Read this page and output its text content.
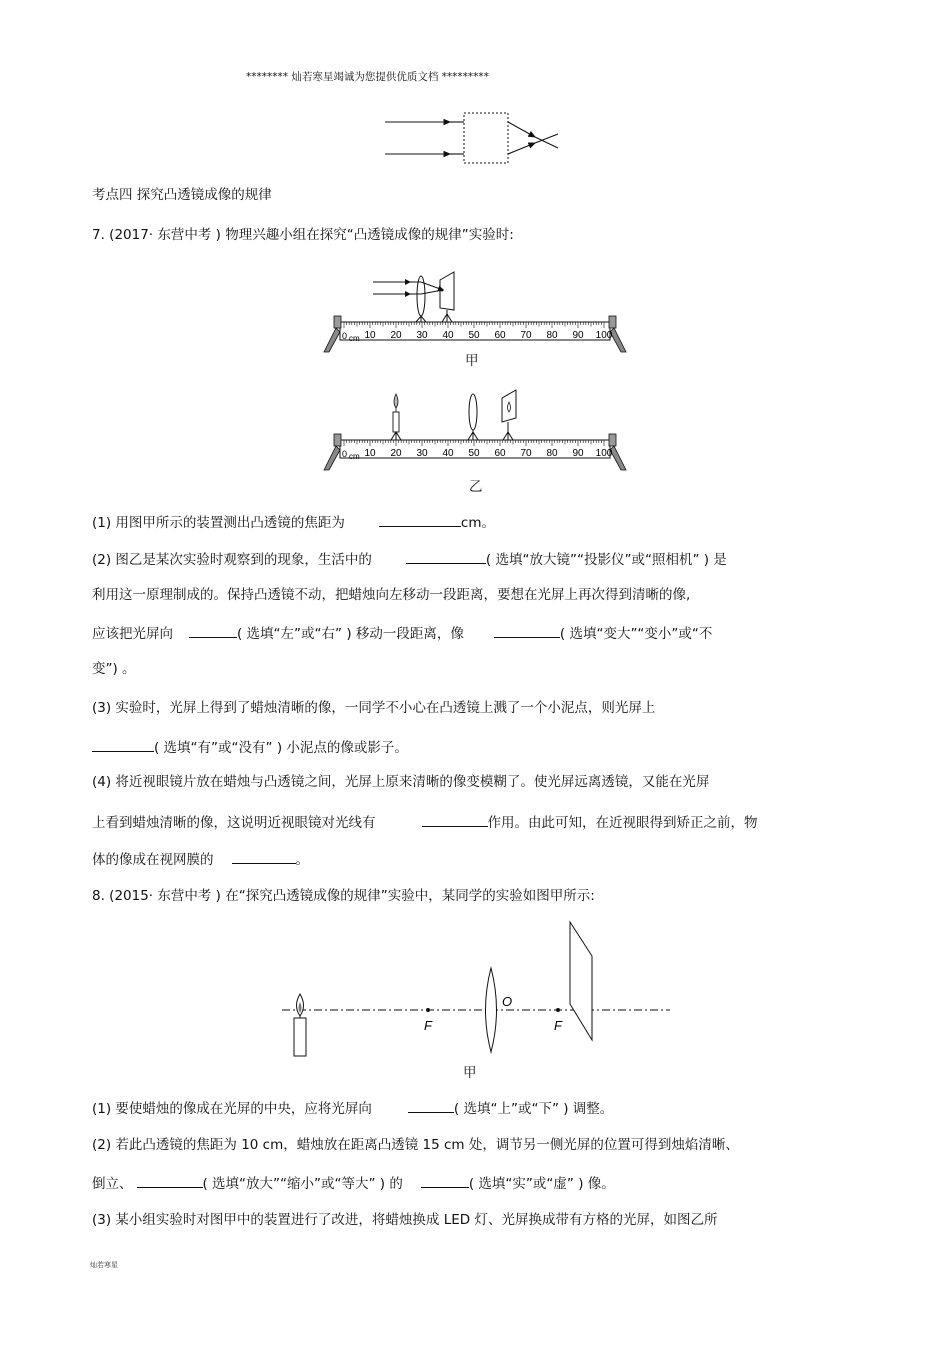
******** 灿若寒星竭诚为您提供优质文档 *********
考点四 探究凸透镜成像的规律
7. (2017· 东营中考 ) 物理兴趣小组在探究“凸透镜成像的规律”实验时:
10 20 30 40 50 60 70 80 90 100
0 cm
甲
10 20 30 40 50 60 70 80 90 100
0 cm
乙
(1) 用图甲所示的装置测出凸透镜的焦距为	cm。
(2) 图乙是某次实验时观察到的现象，生活中的	( 选填“放大镜”“投影仪”或“照相机” ) 是
利用这一原理制成的。保持凸透镜不动，把蜡烛向左移动一段距离，要想在光屏上再次得到清晰的像,
应该把光屏向	( 选填“左”或“右” ) 移动一段距离，像	( 选填“变大”“变小”或“不
变”) 。
(3) 实验时，光屏上得到了蜡烛清晰的像，一同学不小心在凸透镜上溅了一个小泥点，则光屏上
( 选填“有”或“没有” ) 小泥点的像或影子。
(4) 将近视眼镜片放在蜡烛与凸透镜之间，光屏上原来清晰的像变模糊了。使光屏远离透镜，又能在光屏
上看到蜡烛清晰的像，这说明近视眼镜对光线有	作用。由此可知，在近视眼得到矫正之前，物
体的像成在视网膜的	。
8. (2015· 东营中考 ) 在“探究凸透镜成像的规律”实验中，某同学的实验如图甲所示:
F	F
O
甲
(1) 要使蜡烛的像成在光屏的中央，应将光屏向	( 选填“上”或“下” ) 调整。
(2) 若此凸透镜的焦距为 10 cm，蜡烛放在距离凸透镜 15 cm 处，调节另一侧光屏的位置可得到烛焰清晰、
倒立、	( 选填“放大”“缩小”或“等大” ) 的	( 选填“实”或“虚” ) 像。
(3) 某小组实验时对图甲中的装置进行了改进，将蜡烛换成 LED 灯、光屏换成带有方格的光屏，如图乙所
灿若寒星
